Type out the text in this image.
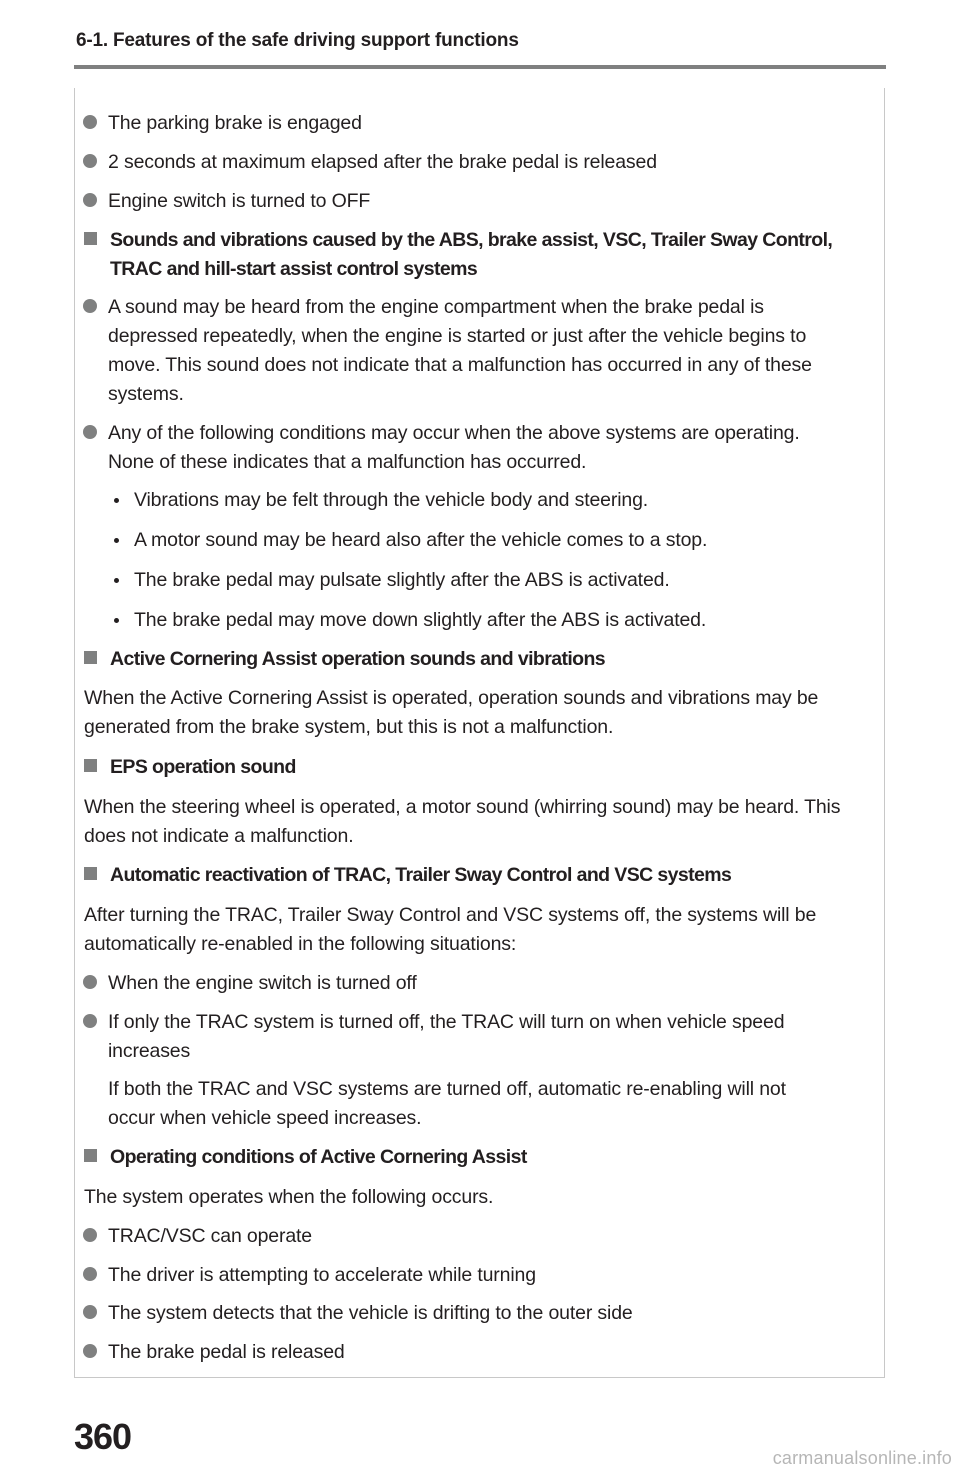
6-1. Features of the safe driving support functions
The parking brake is engaged
2 seconds at maximum elapsed after the brake pedal is released
Engine switch is turned to OFF
Sounds and vibrations caused by the ABS, brake assist, VSC, Trailer Sway Control,
TRAC and hill-start assist control systems
A sound may be heard from the engine compartment when the brake pedal is
depressed repeatedly, when the engine is started or just after the vehicle begins to
move. This sound does not indicate that a malfunction has occurred in any of these
systems.
Any of the following conditions may occur when the above systems are operating.
None of these indicates that a malfunction has occurred.
Vibrations may be felt through the vehicle body and steering.
A motor sound may be heard also after the vehicle comes to a stop.
The brake pedal may pulsate slightly after the ABS is activated.
The brake pedal may move down slightly after the ABS is activated.
Active Cornering Assist operation sounds and vibrations
When the Active Cornering Assist is operated, operation sounds and vibrations may be
generated from the brake system, but this is not a malfunction.
EPS operation sound
When the steering wheel is operated, a motor sound (whirring sound) may be heard. This
does not indicate a malfunction.
Automatic reactivation of TRAC, Trailer Sway Control and VSC systems
After turning the TRAC, Trailer Sway Control and VSC systems off, the systems will be
automatically re-enabled in the following situations:
When the engine switch is turned off
If only the TRAC system is turned off, the TRAC will turn on when vehicle speed
increases
If both the TRAC and VSC systems are turned off, automatic re-enabling will not
occur when vehicle speed increases.
Operating conditions of Active Cornering Assist
The system operates when the following occurs.
TRAC/VSC can operate
The driver is attempting to accelerate while turning
The system detects that the vehicle is drifting to the outer side
The brake pedal is released
360
carmanualsonline.info
